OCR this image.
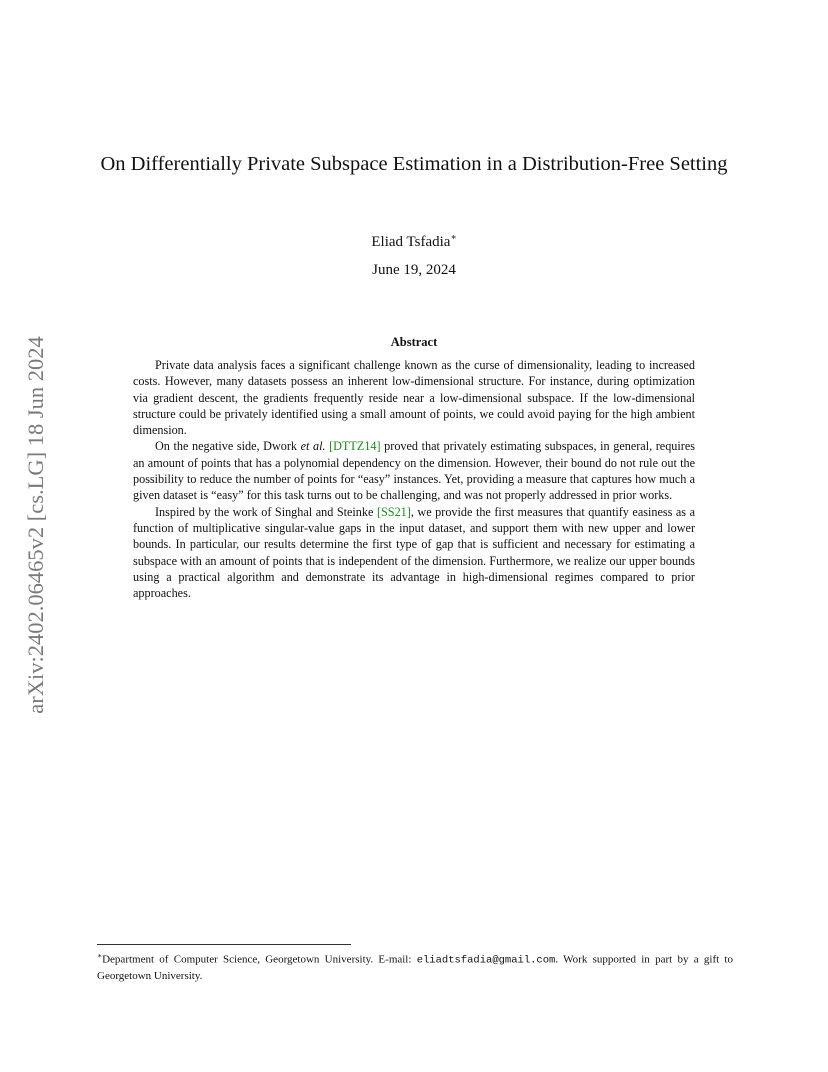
arXiv:2402.06465v2 [cs.LG] 18 Jun 2024
On Differentially Private Subspace Estimation in a Distribution-Free Setting
Eliad Tsfadia∗
June 19, 2024
Abstract

Private data analysis faces a significant challenge known as the curse of dimensionality, leading to increased costs. However, many datasets possess an inherent low-dimensional structure. For instance, during optimization via gradient descent, the gradients frequently reside near a low-dimensional subspace. If the low-dimensional structure could be privately identified using a small amount of points, we could avoid paying for the high ambient dimension.

On the negative side, Dwork et al. [DTTZ14] proved that privately estimating subspaces, in general, requires an amount of points that has a polynomial dependency on the dimension. However, their bound do not rule out the possibility to reduce the number of points for “easy” instances. Yet, providing a measure that captures how much a given dataset is “easy” for this task turns out to be challenging, and was not properly addressed in prior works.

Inspired by the work of Singhal and Steinke [SS21], we provide the first measures that quantify easiness as a function of multiplicative singular-value gaps in the input dataset, and support them with new upper and lower bounds. In particular, our results determine the first type of gap that is sufficient and necessary for estimating a subspace with an amount of points that is independent of the dimension. Furthermore, we realize our upper bounds using a practical algorithm and demonstrate its advantage in high-dimensional regimes compared to prior approaches.

∗Department of Computer Science, Georgetown University. E-mail: eliadtsfadia@gmail.com. Work supported in part by a gift to Georgetown University.
